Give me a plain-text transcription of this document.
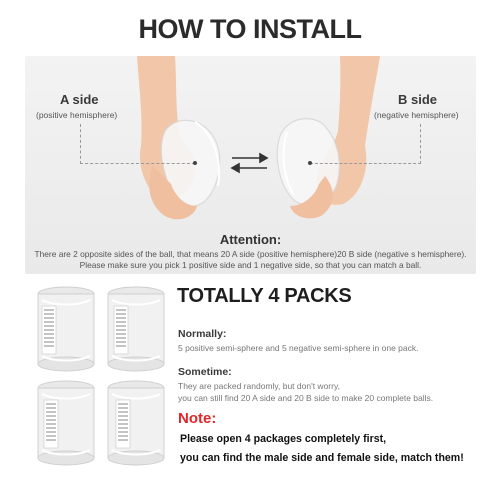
HOW TO INSTALL
A side
(positive hemisphere)
B side
(negative hemisphere)
Attention:
There are 2 opposite sides of the ball, that means 20 A side (positive hemisphere)20 B side (negative s hemisphere).
Please make sure you pick 1 positive side and 1 negative side, so that you can match a ball.
TOTALLY 4 PACKS
Normally:
5 positive semi-sphere and 5 negative semi-sphere in one pack.
Sometime:
They are packed randomly, but don't worry,
you can still find 20 A side and 20 B side to make 20 complete balls.
Note:
Please open 4 packages completely first,
you can find the male side and female side, match them!
